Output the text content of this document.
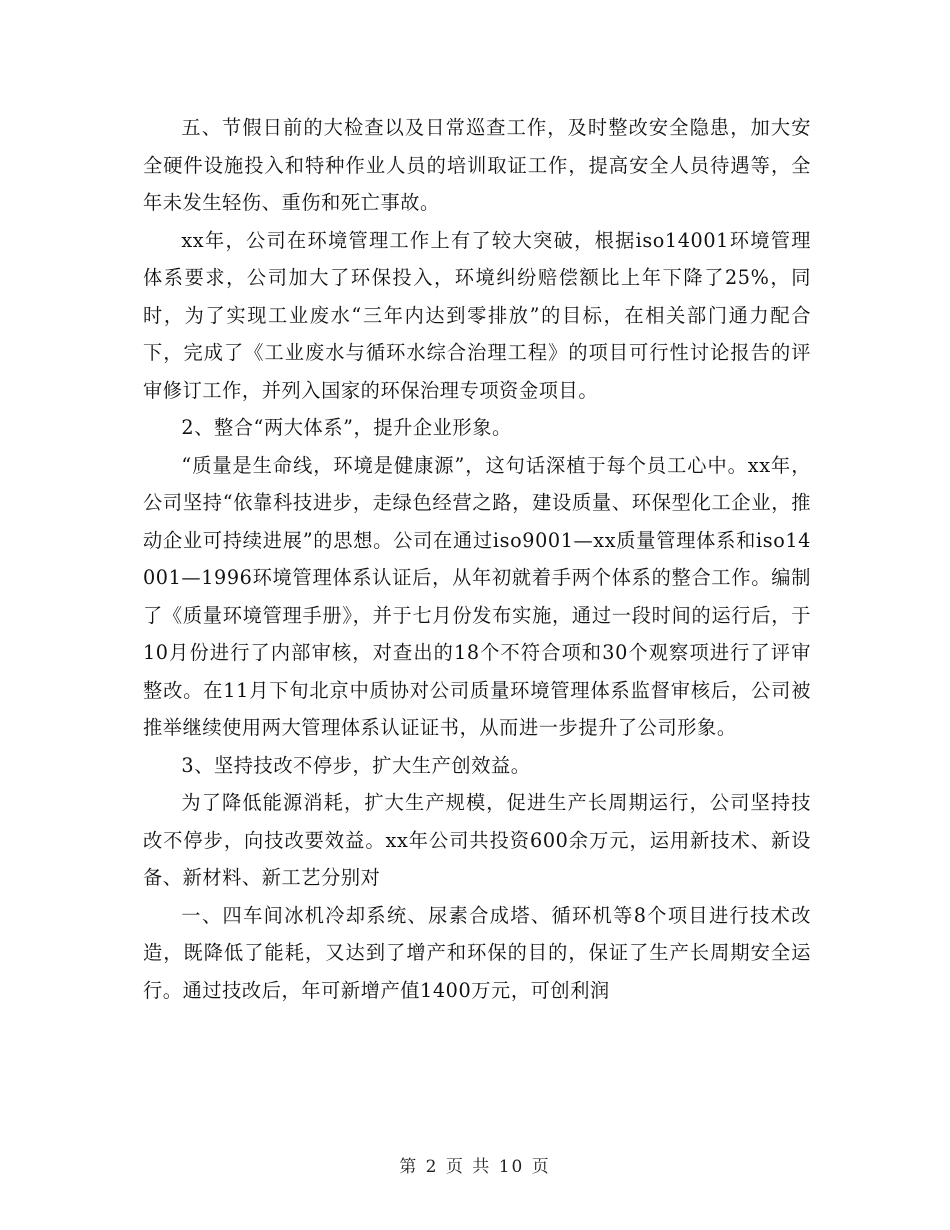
五、节假日前的大检查以及日常巡查工作，及时整改安全隐患，加大安全硬件设施投入和特种作业人员的培训取证工作，提高安全人员待遇等，全年未发生轻伤、重伤和死亡事故。

xx年，公司在环境管理工作上有了较大突破，根据iso14001环境管理体系要求，公司加大了环保投入，环境纠纷赔偿额比上年下降了25%，同时，为了实现工业废水“三年内达到零排放”的目标，在相关部门通力配合下，完成了《工业废水与循环水综合治理工程》的项目可行性讨论报告的评审修订工作，并列入国家的环保治理专项资金项目。

2、整合“两大体系”，提升企业形象。

“质量是生命线，环境是健康源”，这句话深植于每个员工心中。xx年，公司坚持“依靠科技进步，走绿色经营之路，建设质量、环保型化工企业，推动企业可持续进展”的思想。公司在通过iso9001—xx质量管理体系和iso14001—1996环境管理体系认证后，从年初就着手两个体系的整合工作。编制了《质量环境管理手册》，并于七月份发布实施，通过一段时间的运行后，于10月份进行了内部审核，对查出的18个不符合项和30个观察项进行了评审整改。在11月下旬北京中质协对公司质量环境管理体系监督审核后，公司被推举继续使用两大管理体系认证证书，从而进一步提升了公司形象。

3、坚持技改不停步，扩大生产创效益。

为了降低能源消耗，扩大生产规模，促进生产长周期运行，公司坚持技改不停步，向技改要效益。xx年公司共投资600余万元，运用新技术、新设备、新材料、新工艺分别对

一、四车间冰机冷却系统、尿素合成塔、循环机等8个项目进行技术改造，既降低了能耗，又达到了增产和环保的目的，保证了生产长周期安全运行。通过技改后，年可新增产值1400万元，可创利润

第 2 页 共 10 页
